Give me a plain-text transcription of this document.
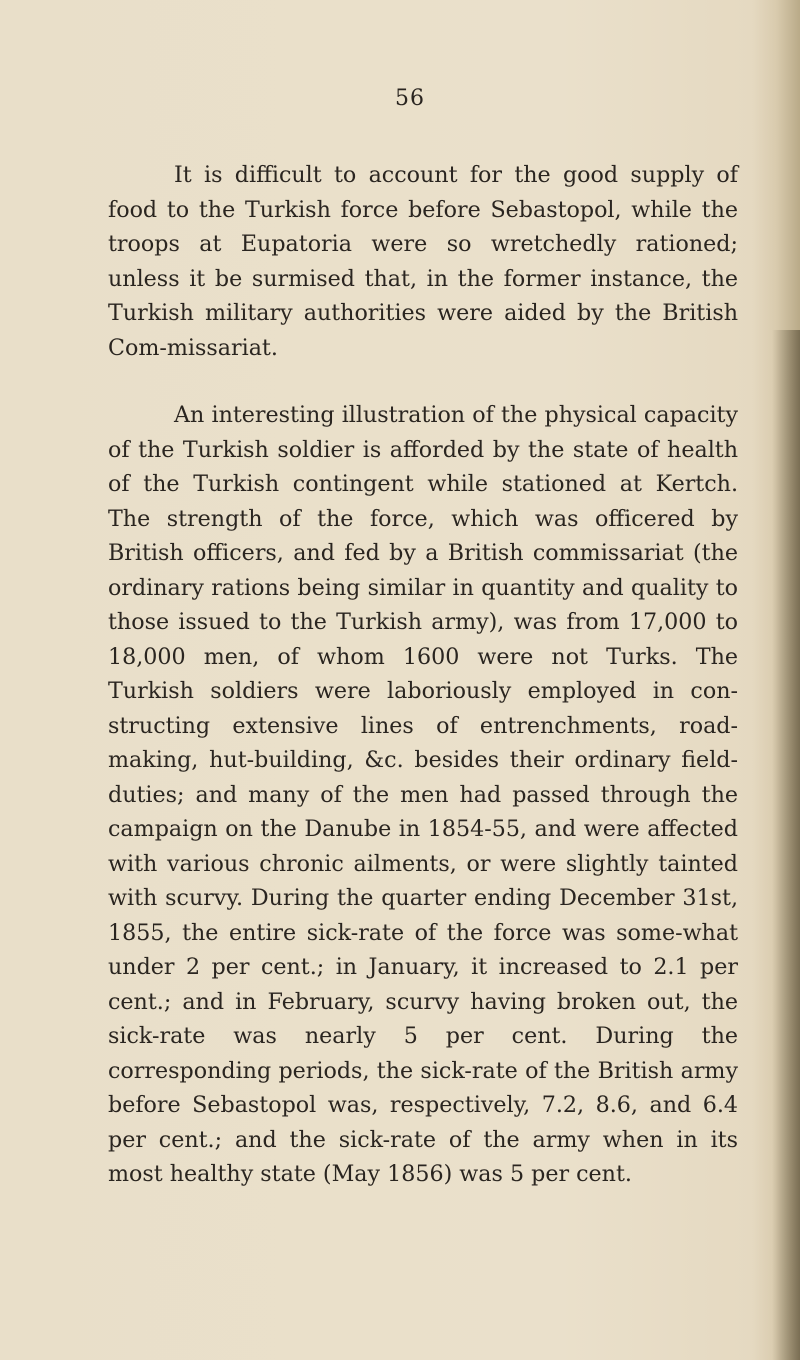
56

It is difficult to account for the good supply of food to the Turkish force before Sebastopol, while the troops at Eupatoria were so wretchedly rationed; unless it be surmised that, in the former instance, the Turkish military authorities were aided by the British Com-missariat.

An interesting illustration of the physical capacity of the Turkish soldier is afforded by the state of health of the Turkish contingent while stationed at Kertch. The strength of the force, which was officered by British officers, and fed by a British commissariat (the ordinary rations being similar in quantity and quality to those issued to the Turkish army), was from 17,000 to 18,000 men, of whom 1600 were not Turks. The Turkish soldiers were laboriously employed in con-structing extensive lines of entrenchments, road-making, hut-building, &c. besides their ordinary field-duties; and many of the men had passed through the campaign on the Danube in 1854-55, and were affected with various chronic ailments, or were slightly tainted with scurvy. During the quarter ending December 31st, 1855, the entire sick-rate of the force was some-what under 2 per cent.; in January, it increased to 2.1 per cent.; and in February, scurvy having broken out, the sick-rate was nearly 5 per cent. During the corresponding periods, the sick-rate of the British army before Sebastopol was, respectively, 7.2, 8.6, and 6.4 per cent.; and the sick-rate of the army when in its most healthy state (May 1856) was 5 per cent.
